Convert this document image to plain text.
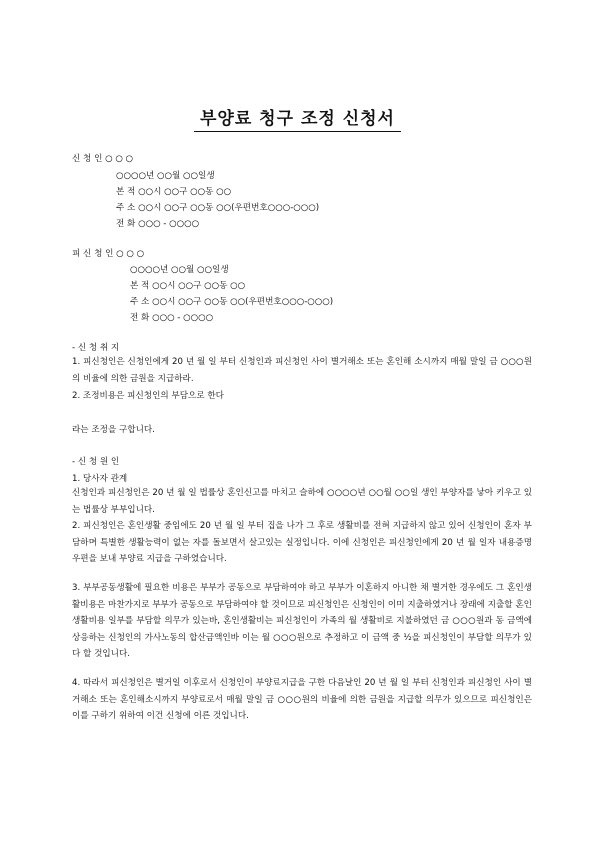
부양료 청구 조정 신청서
신 청 인 ○ ○ ○
○○○○년 ○○월 ○○일생
본 적 ○○시 ○○구 ○○동 ○○
주 소 ○○시 ○○구 ○○동 ○○(우편번호○○○-○○○)
전 화 ○○○ - ○○○○
피 신 청 인 ○ ○ ○
○○○○년 ○○월 ○○일생
본 적 ○○시 ○○구 ○○동 ○○
주 소 ○○시 ○○구 ○○동 ○○(우편번호○○○-○○○)
전 화 ○○○ - ○○○○
- 신 청 취 지
1. 피신청인은 신청인에게 20 년 월 일 부터 신청인과 피신청인 사이 별거해소 또는 혼인해 소시까지 매월 말일 금 ○○○원의 비율에 의한 금원을 지급하라.
2. 조정비용은 피신청인의 부담으로 한다
라는 조정을 구합니다.
- 신 청 원 인
1. 당사자 관계
신청인과 피신청인은 20 년 월 일 법률상 혼인신고를 마치고 슬하에 ○○○○년 ○○월 ○○일 생인 부양자를 낳아 키우고 있는 법률상 부부입니다.
2. 피신청인은 혼인생활 중임에도 20 년 월 일 부터 집을 나가 그 후로 생활비를 전혀 지급하지 않고 있어 신청인이 혼자 부담하며 특별한 생활능력이 없는 자를 돌보면서 살고있는 실정입니다. 이에 신청인은 피신청인에게 20 년 월 일자 내용증명우편을 보내 부양료 지급을 구하였습니다.
3. 부부공동생활에 필요한 비용은 부부가 공동으로 부담하여야 하고 부부가 이혼하지 아니한 채 별거한 경우에도 그 혼인생활비용은 마찬가지로 부부가 공동으로 부담하여야 할 것이므로 피신청인은 신청인이 이미 지출하였거나 장래에 지출할 혼인생활비용 일부를 부담할 의무가 있는바, 혼인생활비는 피신청인이 가족의 월 생활비로 지불하였던 금 ○○○원과 동 금액에 상응하는 신청인의 가사노동의 합산금액인바 이는 월 ○○○원으로 추정하고 이 금액 중 ½을 피신청인이 부담할 의무가 있다 할 것입니다.
4. 따라서 피신청인은 별거일 이후로서 신청인이 부양료지급을 구한 다음날인 20 년 월 일 부터 신청인과 피신청인 사이 별거해소 또는 혼인해소시까지 부양료로서 매월 말일 금 ○○○원의 비율에 의한 금원을 지급할 의무가 있으므로 피신청인은 이를 구하기 위하여 이건 신청에 이른 것입니다.
